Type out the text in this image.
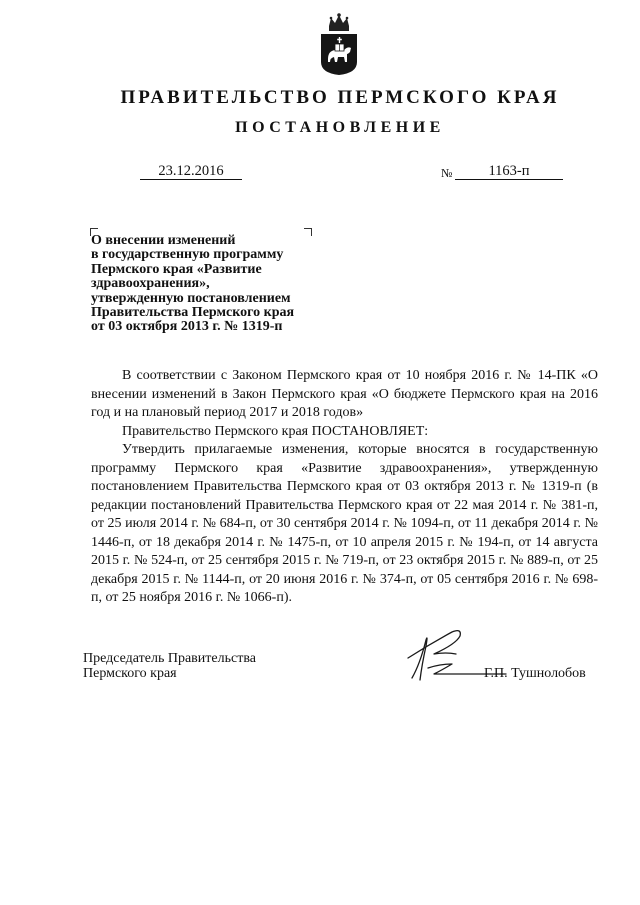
ПРАВИТЕЛЬСТВО ПЕРМСКОГО КРАЯ
ПОСТАНОВЛЕНИЕ
23.12.2016	№	1163-п
О внесении изменений
в государственную программу
Пермского края «Развитие
здравоохранения»,
утвержденную постановлением
Правительства Пермского края
от 03 октября 2013 г. № 1319-п

В соответствии с Законом Пермского края от 10 ноября 2016 г. № 14-ПК «О внесении изменений в Закон Пермского края «О бюджете Пермского края на 2016 год и на плановый период 2017 и 2018 годов»

Правительство Пермского края ПОСТАНОВЛЯЕТ:

Утвердить прилагаемые изменения, которые вносятся в государственную программу Пермского края «Развитие здравоохранения», утвержденную постановлением Правительства Пермского края от 03 октября 2013 г. № 1319-п (в редакции постановлений Правительства Пермского края от 22 мая 2014 г. № 381-п, от 25 июля 2014 г. № 684-п, от 30 сентября 2014 г. № 1094-п, от 11 декабря 2014 г. № 1446-п, от 18 декабря 2014 г. № 1475-п, от 10 апреля 2015 г. № 194-п, от 14 августа 2015 г. № 524-п, от 25 сентября 2015 г. № 719-п, от 23 октября 2015 г. № 889-п, от 25 декабря 2015 г. № 1144-п, от 20 июня 2016 г. № 374-п, от 05 сентября 2016 г. № 698-п, от 25 ноября 2016 г. № 1066-п).

Председатель Правительства
Пермского края	Г.П. Тушнолобов
